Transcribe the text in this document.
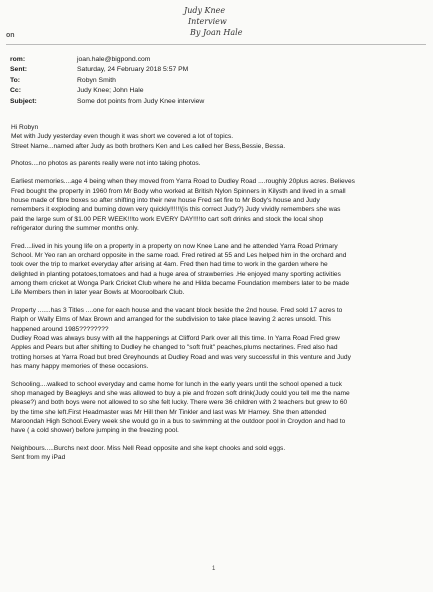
Judy Knee
Interview
By Joan Hale
on
rom:	joan.hale@bigpond.com
Sent:	Saturday, 24 February 2018 5:57 PM
To:	Robyn Smith
Cc:	Judy Knee; John Hale
Subject:	Some dot points from Judy Knee interview

Hi Robyn
Met with Judy yesterday even though it was short we covered a lot of topics.
Street Name...named after Judy as both brothers Ken and Les called her Bess,Bessie, Bessa.

Photos....no photos as parents really were not into taking photos.

Earliest memories....age 4 being when they moved from Yarra Road to Dudley Road ....roughly 20plus acres. Believes
Fred bought the property in 1960 from Mr Body who worked at British Nylon Spinners in Kilysth and lived in a small
house made of fibre boxes so after shifting into their new house Fred set fire to Mr Body's house and Judy
remembers it exploding and burning down very quickly!!!!!!(is this correct Judy?) Judy vividly remembers she was
paid the large sum of $1.00 PER WEEK!!!to work EVERY DAY!!!!to cart soft drinks and stock the local shop
refrigerator during the summer months only.

Fred....lived in his young life on a property in a property on now Knee Lane and he attended Yarra Road Primary
School. Mr Yeo ran an orchard opposite in the same road. Fred retired at 55 and Les helped him in the orchard and
took over the trip to market everyday after arising at 4am. Fred then had time to work in the garden where he
delighted in planting potatoes,tomatoes and had a huge area of strawberries .He enjoyed many sporting activities
among them cricket at Wonga Park Cricket Club where he and Hilda became Foundation members later to be made
Life Members then in later year Bowls at Mooroolbark Club.

Property .......has 3 Titles ....one for each house and the vacant block beside the 2nd house. Fred sold 17 acres to
Ralph or Wally Elms of Max Brown and arranged for the subdivision to take place leaving 2 acres unsold. This
happened around 1985????????
Dudley Road was always busy with all the happenings at Clifford Park over all this time. In Yarra Road Fred grew
Apples and Pears but after shifting to Dudley he changed to "soft fruit" peaches,plums nectarines. Fred also had
trotting horses at Yarra Road but bred Greyhounds at Dudley Road and was very successful in this venture and Judy
has many happy memories of these occasions.

Schooling....walked to school everyday and came home for lunch in the early years until the school opened a tuck
shop managed by Beagleys and she was allowed to buy a pie and frozen soft drink(Judy could you tell me the name
please?) and both boys were not allowed to so she felt lucky. There were 36 children with 2 teachers but grew to 60
by the time she left.First Headmaster was Mr Hill then Mr Tinkler and last was Mr Harney. She then attended
Maroondah High School.Every week she would go in a bus to swimming at the outdoor pool in Croydon and had to
have ( a cold shower) before jumping in the freezing pool.

Neighbours.....Burchs next door. Miss Nell Read opposite and she kept chooks and sold eggs.
Sent from my iPad

1
